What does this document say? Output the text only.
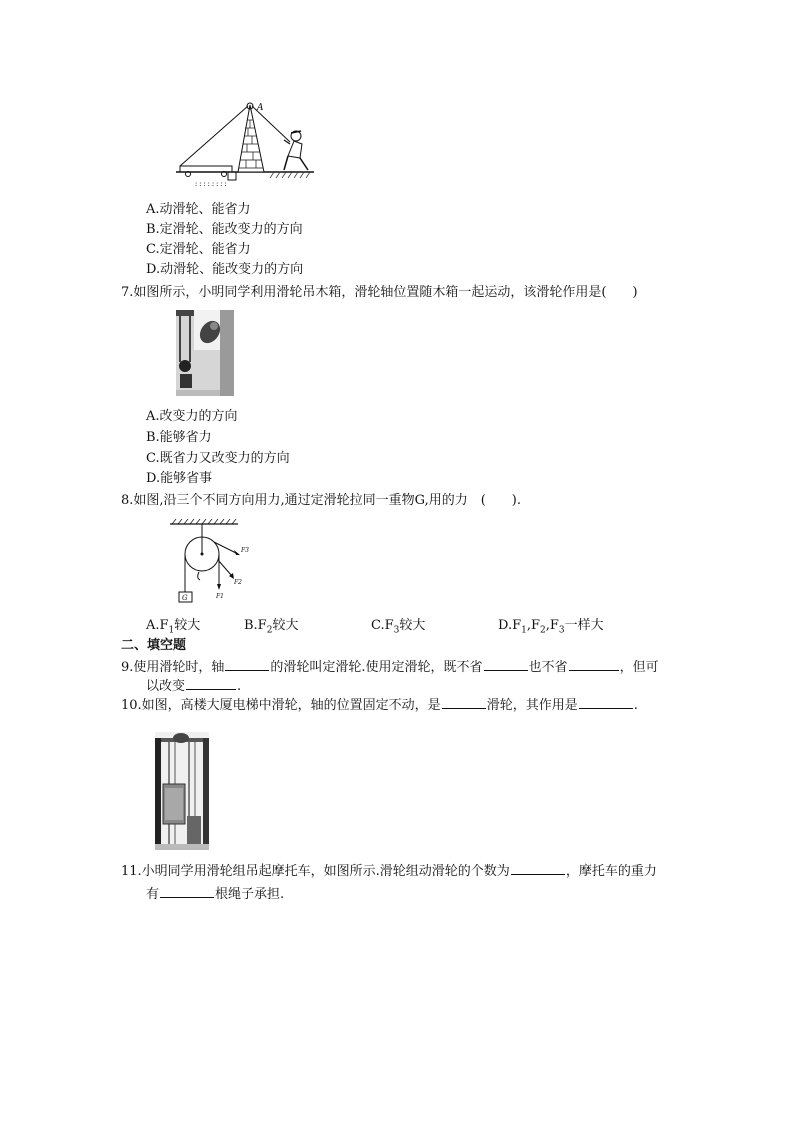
::::::::
A
A.动滑轮、能省力
B.定滑轮、能改变力的方向
C.定滑轮、能省力
D.动滑轮、能改变力的方向
7.如图所示，小明同学利用滑轮吊木箱，滑轮轴位置随木箱一起运动，该滑轮作用是(　　)
A.改变力的方向
B.能够省力
C.既省力又改变力的方向
D.能够省事
8.如图,沿三个不同方向用力,通过定滑轮拉同一重物G,用的力　(　　).
G	F1
F2
F3
$A.F_1$较大	$B.F_2$较大	$C.F_3$较大	$D.F_1,F_2,F_3$一样大
二、填空题
9.使用滑轮时，轴	的滑轮叫定滑轮.使用定滑轮，既不省	也不省	，但可
以改变	.
10.如图，高楼大厦电梯中滑轮，轴的位置固定不动，是	滑轮，其作用是	.
11.小明同学用滑轮组吊起摩托车，如图所示.滑轮组动滑轮的个数为	，摩托车的重力
有	根绳子承担.
